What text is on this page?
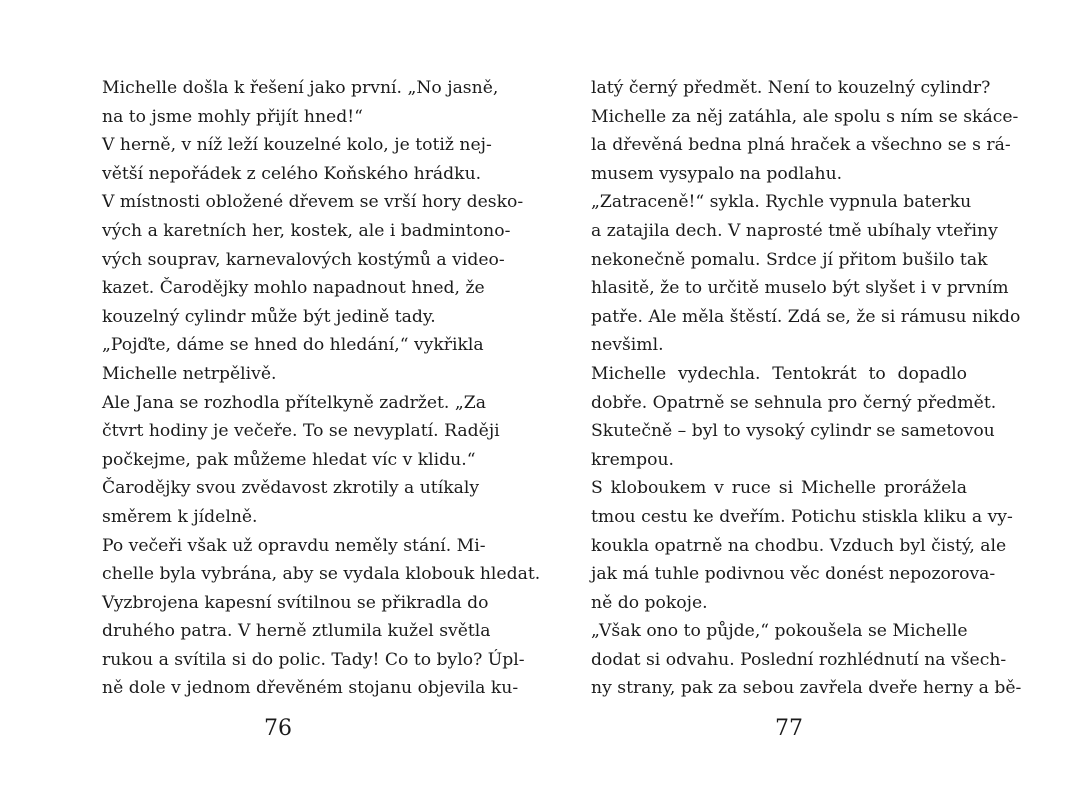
Michelle došla k řešení jako první. „No jasně,
na to jsme mohly přijít hned!“
V herně, v níž leží kouzelné kolo, je totiž nej-
větší nepořádek z celého Koňského hrádku.
V místnosti obložené dřevem se vrší hory desko-
vých a karetních her, kostek, ale i badmintono-
vých souprav, karnevalových kostýmů a video-
kazet. Čarodějky mohlo napadnout hned, že
kouzelný cylindr může být jedině tady.
„Pojďte, dáme se hned do hledání,“ vykřikla
Michelle netrpělivě.
Ale Jana se rozhodla přítelkyně zadržet. „Za
čtvrt hodiny je večeře. To se nevyplatí. Raději
počkejme, pak můžeme hledat víc v klidu.“
Čarodějky svou zvědavost zkrotily a utíkaly
směrem k jídelně.
Po večeři však už opravdu neměly stání. Mi-
chelle byla vybrána, aby se vydala klobouk hledat.
Vyzbrojena kapesní svítilnou se přikradla do
druhého patra. V herně ztlumila kužel světla
rukou a svítila si do polic. Tady! Co to bylo? Úpl-
ně dole v jednom dřevěném stojanu objevila ku-
latý černý předmět. Není to kouzelný cylindr?
Michelle za něj zatáhla, ale spolu s ním se skáce-
la dřevěná bedna plná hraček a všechno se s rá-
musem vysypalo na podlahu.
„Zatraceně!“ sykla. Rychle vypnula baterku
a zatajila dech. V naprosté tmě ubíhaly vteřiny
nekonečně pomalu. Srdce jí přitom bušilo tak
hlasitě, že to určitě muselo být slyšet i v prvním
patře. Ale měla štěstí. Zdá se, že si rámusu nikdo
nevšiml.
Michelle vydechla. Tentokrát to dopadlo
dobře. Opatrně se sehnula pro černý předmět.
Skutečně – byl to vysoký cylindr se sametovou
krempou.
S kloboukem v ruce si Michelle prorážela
tmou cestu ke dveřím. Potichu stiskla kliku a vy-
koukla opatrně na chodbu. Vzduch byl čistý, ale
jak má tuhle podivnou věc donést nepozorova-
ně do pokoje.
„Však ono to půjde,“ pokoušela se Michelle
dodat si odvahu. Poslední rozhlédnutí na všech-
ny strany, pak za sebou zavřela dveře herny a bě-
76	77
